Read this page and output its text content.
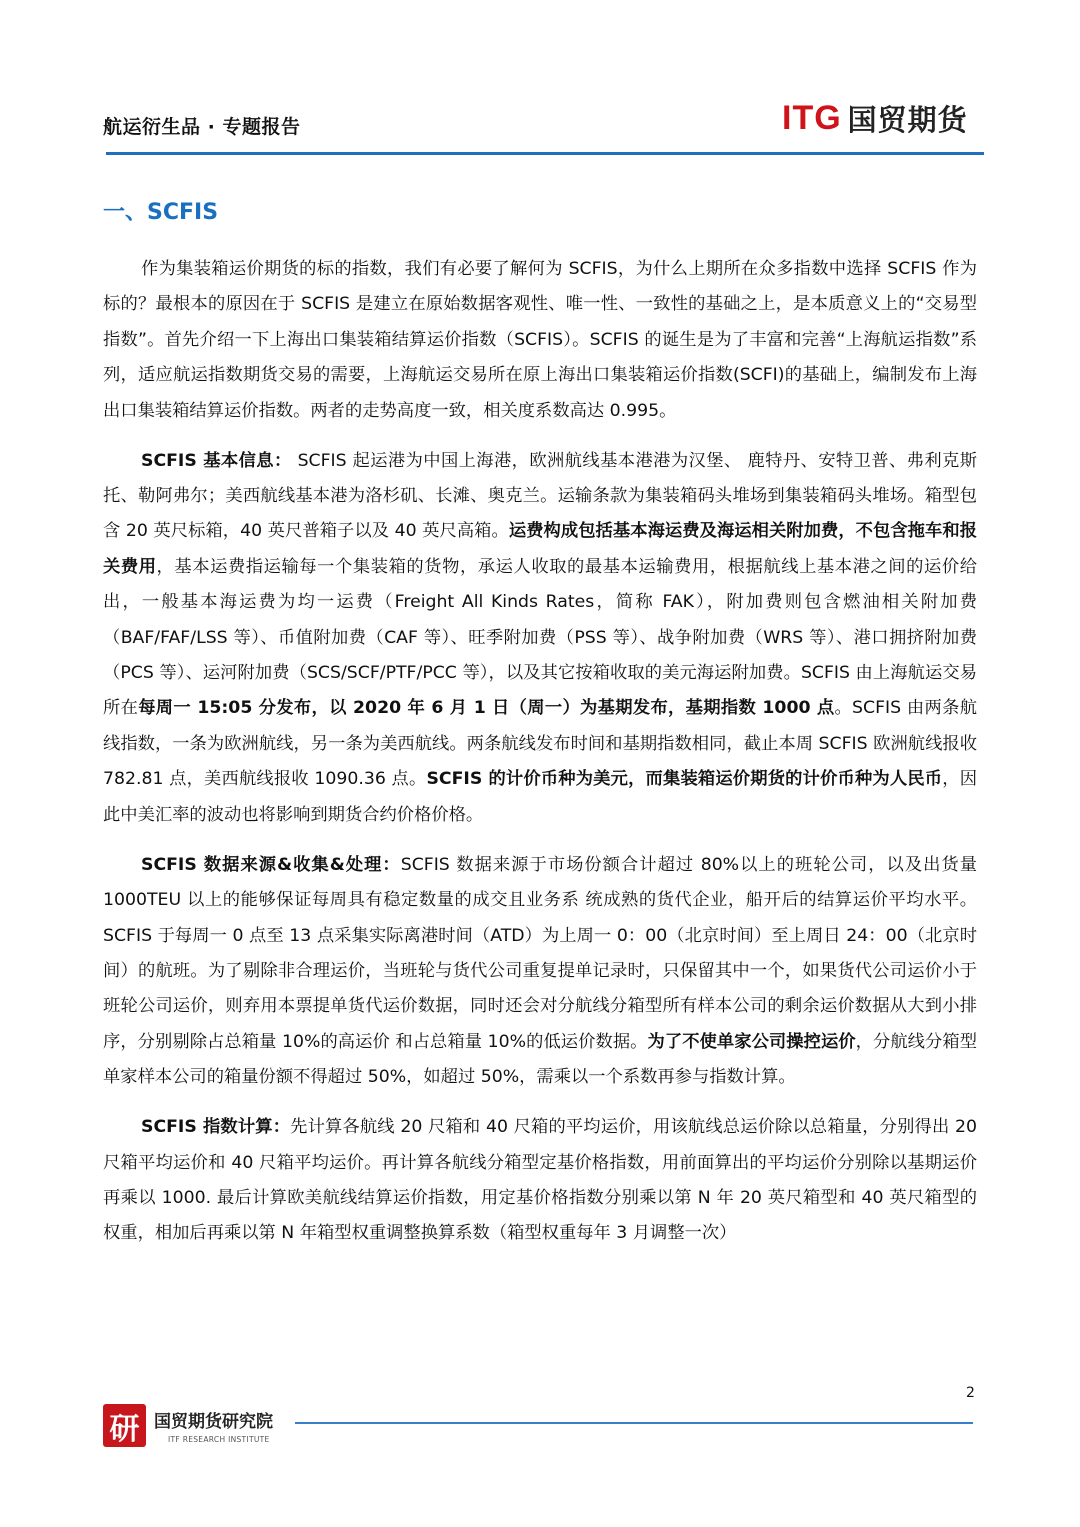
航运衍生品 · 专题报告	ITG 国贸期货
一、SCFIS

作为集装箱运价期货的标的指数，我们有必要了解何为 SCFIS，为什么上期所在众多指数中选择 SCFIS 作为标的？最根本的原因在于 SCFIS 是建立在原始数据客观性、唯一性、一致性的基础之上，是本质意义上的“交易型指数”。首先介绍一下上海出口集装箱结算运价指数（SCFIS）。SCFIS 的诞生是为了丰富和完善“上海航运指数”系列，适应航运指数期货交易的需要，上海航运交易所在原上海出口集装箱运价指数(SCFI)的基础上，编制发布上海出口集装箱结算运价指数。两者的走势高度一致，相关度系数高达 0.995。

SCFIS 基本信息： SCFIS 起运港为中国上海港，欧洲航线基本港港为汉堡、 鹿特丹、安特卫普、弗利克斯托、勒阿弗尔；美西航线基本港为洛杉矶、长滩、奥克兰。运输条款为集装箱码头堆场到集装箱码头堆场。箱型包含 20 英尺标箱，40 英尺普箱子以及 40 英尺高箱。运费构成包括基本海运费及海运相关附加费，不包含拖车和报关费用，基本运费指运输每一个集装箱的货物，承运人收取的最基本运输费用，根据航线上基本港之间的运价给出，一般基本海运费为均一运费（Freight All Kinds Rates，简称 FAK），附加费则包含燃油相关附加费（BAF/FAF/LSS 等）、币值附加费（CAF 等）、旺季附加费（PSS 等）、战争附加费（WRS 等）、港口拥挤附加费（PCS 等）、运河附加费（SCS/SCF/PTF/PCC 等），以及其它按箱收取的美元海运附加费。SCFIS 由上海航运交易所在每周一 15:05 分发布，以 2020 年 6 月 1 日（周一）为基期发布，基期指数 1000 点。SCFIS 由两条航线指数，一条为欧洲航线，另一条为美西航线。两条航线发布时间和基期指数相同，截止本周 SCFIS 欧洲航线报收 782.81 点，美西航线报收 1090.36 点。SCFIS 的计价币种为美元，而集装箱运价期货的计价币种为人民币，因此中美汇率的波动也将影响到期货合约价格价格。

SCFIS 数据来源&收集&处理：SCFIS 数据来源于市场份额合计超过 80%以上的班轮公司，以及出货量 1000TEU 以上的能够保证每周具有稳定数量的成交且业务系 统成熟的货代企业，船开后的结算运价平均水平。SCFIS 于每周一 0 点至 13 点采集实际离港时间（ATD）为上周一 0：00（北京时间）至上周日 24：00（北京时间）的航班。为了剔除非合理运价，当班轮与货代公司重复提单记录时，只保留其中一个，如果货代公司运价小于班轮公司运价，则弃用本票提单货代运价数据，同时还会对分航线分箱型所有样本公司的剩余运价数据从大到小排序，分别剔除占总箱量 10%的高运价 和占总箱量 10%的低运价数据。为了不使单家公司操控运价，分航线分箱型单家样本公司的箱量份额不得超过 50%，如超过 50%，需乘以一个系数再参与指数计算。

SCFIS 指数计算：先计算各航线 20 尺箱和 40 尺箱的平均运价，用该航线总运价除以总箱量，分别得出 20 尺箱平均运价和 40 尺箱平均运价。再计算各航线分箱型定基价格指数，用前面算出的平均运价分别除以基期运价再乘以 1000. 最后计算欧美航线结算运价指数，用定基价格指数分别乘以第 N 年 20 英尺箱型和 40 英尺箱型的权重，相加后再乘以第 N 年箱型权重调整换算系数（箱型权重每年 3 月调整一次）

2
研 国贸期货研究院
ITF RESEARCH INSTITUTE
